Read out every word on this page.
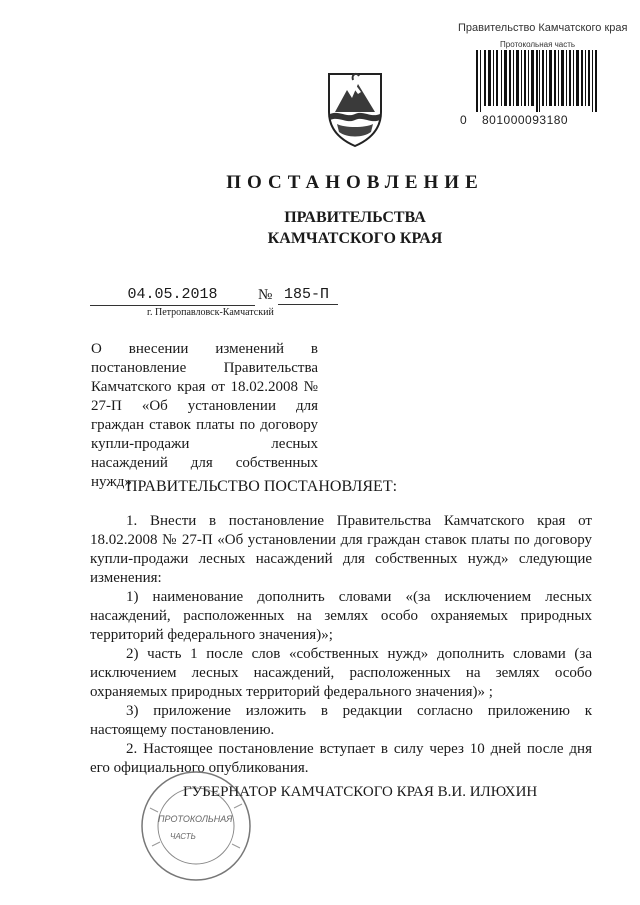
Правительство Камчатского края
Протокольная часть
0 801000093180
ПОСТАНОВЛЕНИЕ
ПРАВИТЕЛЬСТВА
КАМЧАТСКОГО КРАЯ
04.05.2018	№ 185-П
г. Петропавловск-Камчатский
О внесении изменений в постановление Правительства Камчатского края от 18.02.2008 № 27-П «Об установлении для граждан ставок платы по договору купли-продажи лесных насаждений для собственных нужд»
ПРАВИТЕЛЬСТВО ПОСТАНОВЛЯЕТ:

1. Внести в постановление Правительства Камчатского края от 18.02.2008 № 27-П «Об установлении для граждан ставок платы по договору купли-продажи лесных насаждений для собственных нужд» следующие изменения:

1) наименование дополнить словами «(за исключением лесных насаждений, расположенных на землях особо охраняемых природных территорий федерального значения)»;

2) часть 1 после слов «собственных нужд» дополнить словами (за исключением лесных насаждений, расположенных на землях особо охраняемых природных территорий федерального значения)» ;

3) приложение изложить в редакции согласно приложению к настоящему постановлению.

2. Настоящее постановление вступает в силу через 10 дней после дня его официального опубликования.

ПРОТОКОЛЬНАЯ
ЧАСТЬ
ГУБЕРНАТОР КАМЧАТСКОГО КРАЯ В.И. ИЛЮХИН
